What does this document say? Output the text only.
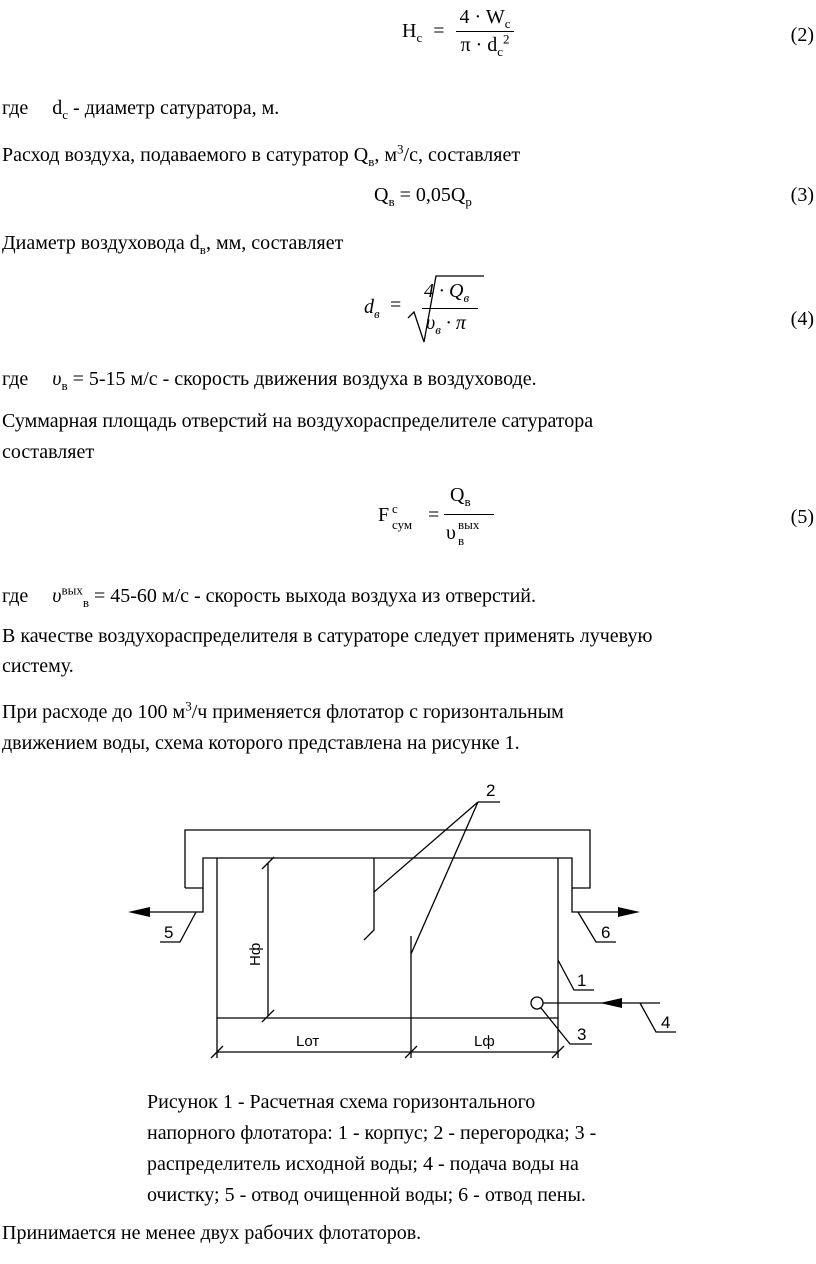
$H_c = \frac{4 \cdot W_c}{\pi \cdot d_c^2}$	(2)
где $d_c$ - диаметр сатуратора, м.
Расход воздуха, подаваемого в сатуратор $Q_в$, $м^3/с$, составляет
$Q_в = 0,05Q_р$	(3)
Диаметр воздуховода $d_в$, мм, составляет
$d_в$ =
$4 \cdot Q_в$
$\upsilon_в \cdot \pi$	(4)
где $\upsilon_в = 5-15$ м/с - скорость движения воздуха в воздуховоде.
Суммарная площадь отверстий на воздухораспределителе сатуратора
составляет
F c
сум =
$Q_в$
υ вых
в
(5)
где $\upsilon^{вых}_в = 45-60$ м/с - скорость выхода воздуха из отверстий.
В качестве воздухораспределителя в сатураторе следует применять лучевую
систему.
При расходе до 100 $м^3/ч$ применяется флотатор с горизонтальным
движением воды, схема которого представлена на рисунке 1.
2
1
3
4
5	6
Hф
Lот	Lф
Рисунок 1 - Расчетная схема горизонтального
напорного флотатора: 1 - корпус; 2 - перегородка; 3 -
распределитель исходной воды; 4 - подача воды на
очистку; 5 - отвод очищенной воды; 6 - отвод пены.
Принимается не менее двух рабочих флотаторов.
